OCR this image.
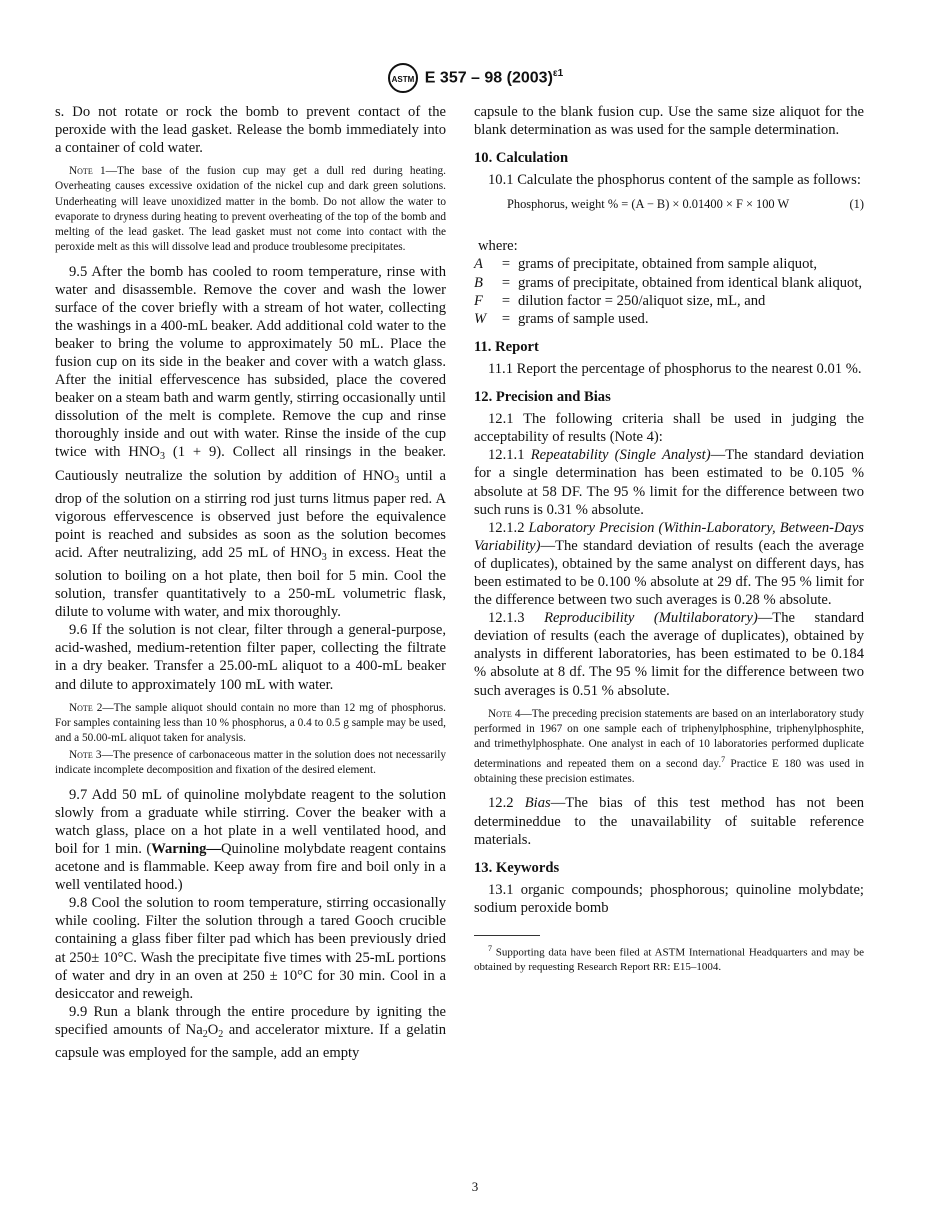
ASTM E 357 – 98 $(2003)^{\varepsilon 1}$

s. Do not rotate or rock the bomb to prevent contact of the peroxide with the lead gasket. Release the bomb immediately into a container of cold water.

Note 1—The base of the fusion cup may get a dull red during heating. Overheating causes excessive oxidation of the nickel cup and dark green solutions. Underheating will leave unoxidized matter in the bomb. Do not allow the water to evaporate to dryness during heating to prevent overheating of the top of the bomb and melting of the lead gasket. The lead gasket must not come into contact with the peroxide melt as this will dissolve lead and produce troublesome precipitates.

9.5 After the bomb has cooled to room temperature, rinse with water and disassemble. Remove the cover and wash the lower surface of the cover briefly with a stream of hot water, collecting the washings in a 400-mL beaker. Add additional cold water to the beaker to bring the volume to approximately 50 mL. Place the fusion cup on its side in the beaker and cover with a watch glass. After the initial effervescence has subsided, place the covered beaker on a steam bath and warm gently, stirring occasionally until dissolution of the melt is complete. Remove the cup and rinse thoroughly inside and out with water. Rinse the inside of the cup twice with $HNO_3$ (1 + 9). Collect all rinsings in the beaker. Cautiously neutralize the solution by addition of $HNO_3$ until a drop of the solution on a stirring rod just turns litmus paper red. A vigorous effervescence is observed just before the equivalence point is reached and subsides as soon as the solution becomes acid. After neutralizing, add 25 mL of $HNO_3$ in excess. Heat the solution to boiling on a hot plate, then boil for 5 min. Cool the solution, transfer quantitatively to a 250-mL volumetric flask, dilute to volume with water, and mix thoroughly.

9.6 If the solution is not clear, filter through a general-purpose, acid-washed, medium-retention filter paper, collecting the filtrate in a dry beaker. Transfer a 25.00-mL aliquot to a 400-mL beaker and dilute to approximately 100 mL with water.

Note 2—The sample aliquot should contain no more than 12 mg of phosphorus. For samples containing less than 10 % phosphorus, a 0.4 to 0.5 g sample may be used, and a 50.00-mL aliquot taken for analysis.
Note 3—The presence of carbonaceous matter in the solution does not necessarily indicate incomplete decomposition and fixation of the desired element.

9.7 Add 50 mL of quinoline molybdate reagent to the solution slowly from a graduate while stirring. Cover the beaker with a watch glass, place on a hot plate in a well ventilated hood, and boil for 1 min. (Warning—Quinoline molybdate reagent contains acetone and is flammable. Keep away from fire and boil only in a well ventilated hood.)

9.8 Cool the solution to room temperature, stirring occasionally while cooling. Filter the solution through a tared Gooch crucible containing a glass fiber filter pad which has been previously dried at 250± 10°C. Wash the precipitate five times with 25-mL portions of water and dry in an oven at 250 ± 10°C for 30 min. Cool in a desiccator and reweigh.

9.9 Run a blank through the entire procedure by igniting the specified amounts of $Na_2O_2$ and accelerator mixture. If a gelatin capsule was employed for the sample, add an empty

capsule to the blank fusion cup. Use the same size aliquot for the blank determination as was used for the sample determination.

10. Calculation

10.1 Calculate the phosphorus content of the sample as follows:

Phosphorus, weight % = (A − B) × 0.01400 × F × 100 W	(1)

where:

A	= grams of precipitate, obtained from sample aliquot,
B	= grams of precipitate, obtained from identical blank aliquot,
F	= dilution factor = 250/aliquot size, mL, and
W	= grams of sample used.
11. Report

11.1 Report the percentage of phosphorus to the nearest 0.01 %.

12. Precision and Bias

12.1 The following criteria shall be used in judging the acceptability of results (Note 4):

12.1.1 Repeatability (Single Analyst)—The standard deviation for a single determination has been estimated to be 0.105 % absolute at 58 DF. The 95 % limit for the difference between two such runs is 0.31 % absolute.

12.1.2 Laboratory Precision (Within-Laboratory, Between-Days Variability)—The standard deviation of results (each the average of duplicates), obtained by the same analyst on different days, has been estimated to be 0.100 % absolute at 29 df. The 95 % limit for the difference between two such averages is 0.28 % absolute.

12.1.3 Reproducibility (Multilaboratory)—The standard deviation of results (each the average of duplicates), obtained by analysts in different laboratories, has been estimated to be 0.184 % absolute at 8 df. The 95 % limit for the difference between two such averages is 0.51 % absolute.

Note 4—The preceding precision statements are based on an interlaboratory study performed in 1967 on one sample each of triphenylphosphine, triphenylphosphite, and trimethylphosphate. One analyst in each of 10 laboratories performed duplicate determinations and repeated them on a second day.$^7$ Practice E 180 was used in obtaining these precision estimates.

12.2 Bias—The bias of this test method has not been determineddue to the unavailability of suitable reference materials.

13. Keywords

13.1 organic compounds; phosphorous; quinoline molybdate; sodium peroxide bomb

$^7$ Supporting data have been filed at ASTM International Headquarters and may be obtained by requesting Research Report RR: E15–1004.
3
